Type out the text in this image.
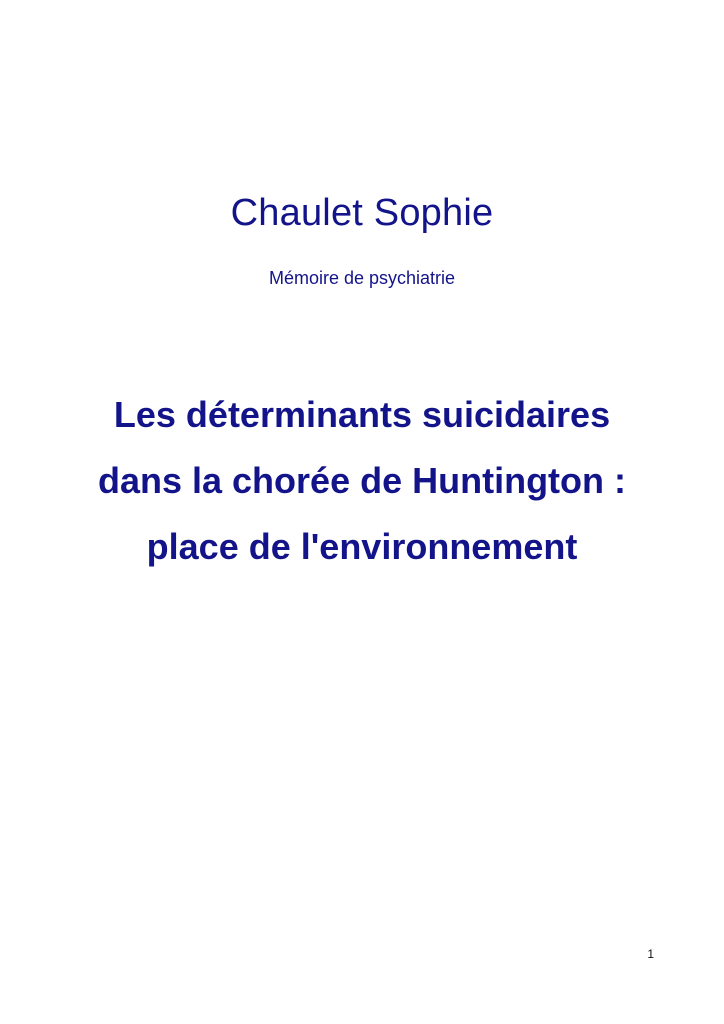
Chaulet Sophie
Mémoire de psychiatrie
Les déterminants suicidaires
dans la chorée de Huntington :
place de l'environnement
1
